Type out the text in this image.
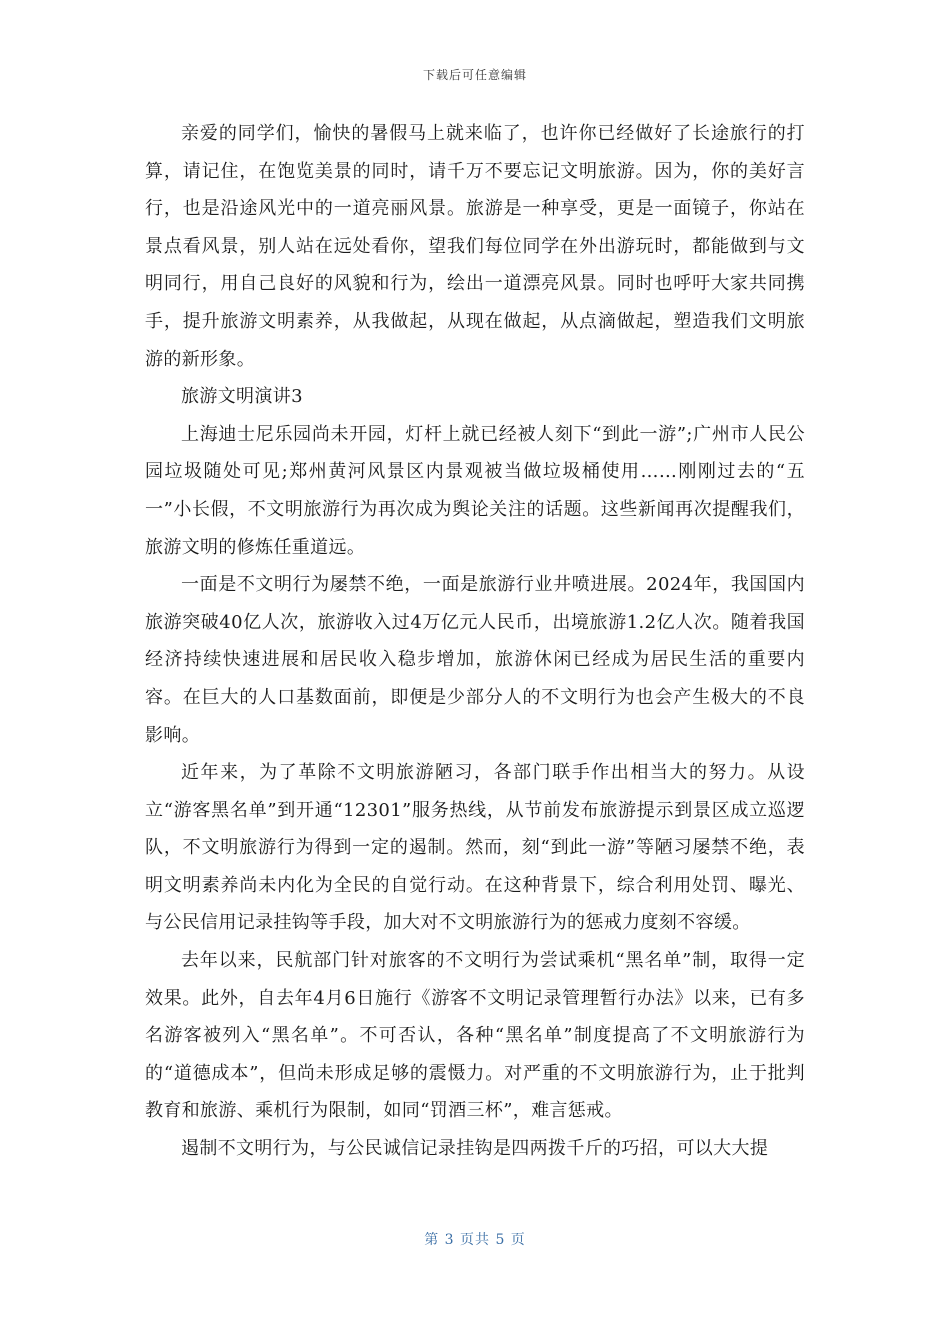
下载后可任意编辑

亲爱的同学们，愉快的暑假马上就来临了，也许你已经做好了长途旅行的打算，请记住，在饱览美景的同时，请千万不要忘记文明旅游。因为，你的美好言行，也是沿途风光中的一道亮丽风景。旅游是一种享受，更是一面镜子，你站在景点看风景，别人站在远处看你，望我们每位同学在外出游玩时，都能做到与文明同行，用自己良好的风貌和行为，绘出一道漂亮风景。同时也呼吁大家共同携手，提升旅游文明素养，从我做起，从现在做起，从点滴做起，塑造我们文明旅游的新形象。

旅游文明演讲3

上海迪士尼乐园尚未开园，灯杆上就已经被人刻下“到此一游”;广州市人民公园垃圾随处可见;郑州黄河风景区内景观被当做垃圾桶使用……刚刚过去的“五一”小长假，不文明旅游行为再次成为舆论关注的话题。这些新闻再次提醒我们，旅游文明的修炼任重道远。

一面是不文明行为屡禁不绝，一面是旅游行业井喷进展。2024年，我国国内旅游突破40亿人次，旅游收入过4万亿元人民币，出境旅游1.2亿人次。随着我国经济持续快速进展和居民收入稳步增加，旅游休闲已经成为居民生活的重要内容。在巨大的人口基数面前，即便是少部分人的不文明行为也会产生极大的不良影响。

近年来，为了革除不文明旅游陋习，各部门联手作出相当大的努力。从设立“游客黑名单”到开通“12301”服务热线，从节前发布旅游提示到景区成立巡逻队，不文明旅游行为得到一定的遏制。然而，刻“到此一游”等陋习屡禁不绝，表明文明素养尚未内化为全民的自觉行动。在这种背景下，综合利用处罚、曝光、与公民信用记录挂钩等手段，加大对不文明旅游行为的惩戒力度刻不容缓。

去年以来，民航部门针对旅客的不文明行为尝试乘机“黑名单”制，取得一定效果。此外，自去年4月6日施行《游客不文明记录管理暂行办法》以来，已有多名游客被列入“黑名单”。不可否认，各种“黑名单”制度提高了不文明旅游行为的“道德成本”，但尚未形成足够的震慑力。对严重的不文明旅游行为，止于批判教育和旅游、乘机行为限制，如同“罚酒三杯”，难言惩戒。

遏制不文明行为，与公民诚信记录挂钩是四两拨千斤的巧招，可以大大提

第 3 页共 5 页
